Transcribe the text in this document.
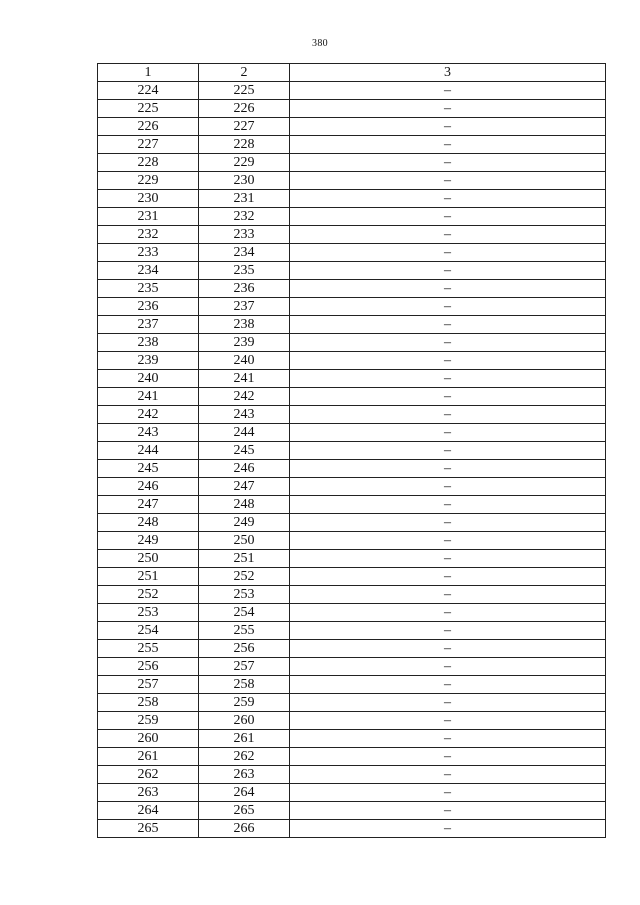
380
1	2	3
224	225	–
225	226	–
226	227	–
227	228	–
228	229	–
229	230	–
230	231	–
231	232	–
232	233	–
233	234	–
234	235	–
235	236	–
236	237	–
237	238	–
238	239	–
239	240	–
240	241	–
241	242	–
242	243	–
243	244	–
244	245	–
245	246	–
246	247	–
247	248	–
248	249	–
249	250	–
250	251	–
251	252	–
252	253	–
253	254	–
254	255	–
255	256	–
256	257	–
257	258	–
258	259	–
259	260	–
260	261	–
261	262	–
262	263	–
263	264	–
264	265	–
265	266	–
